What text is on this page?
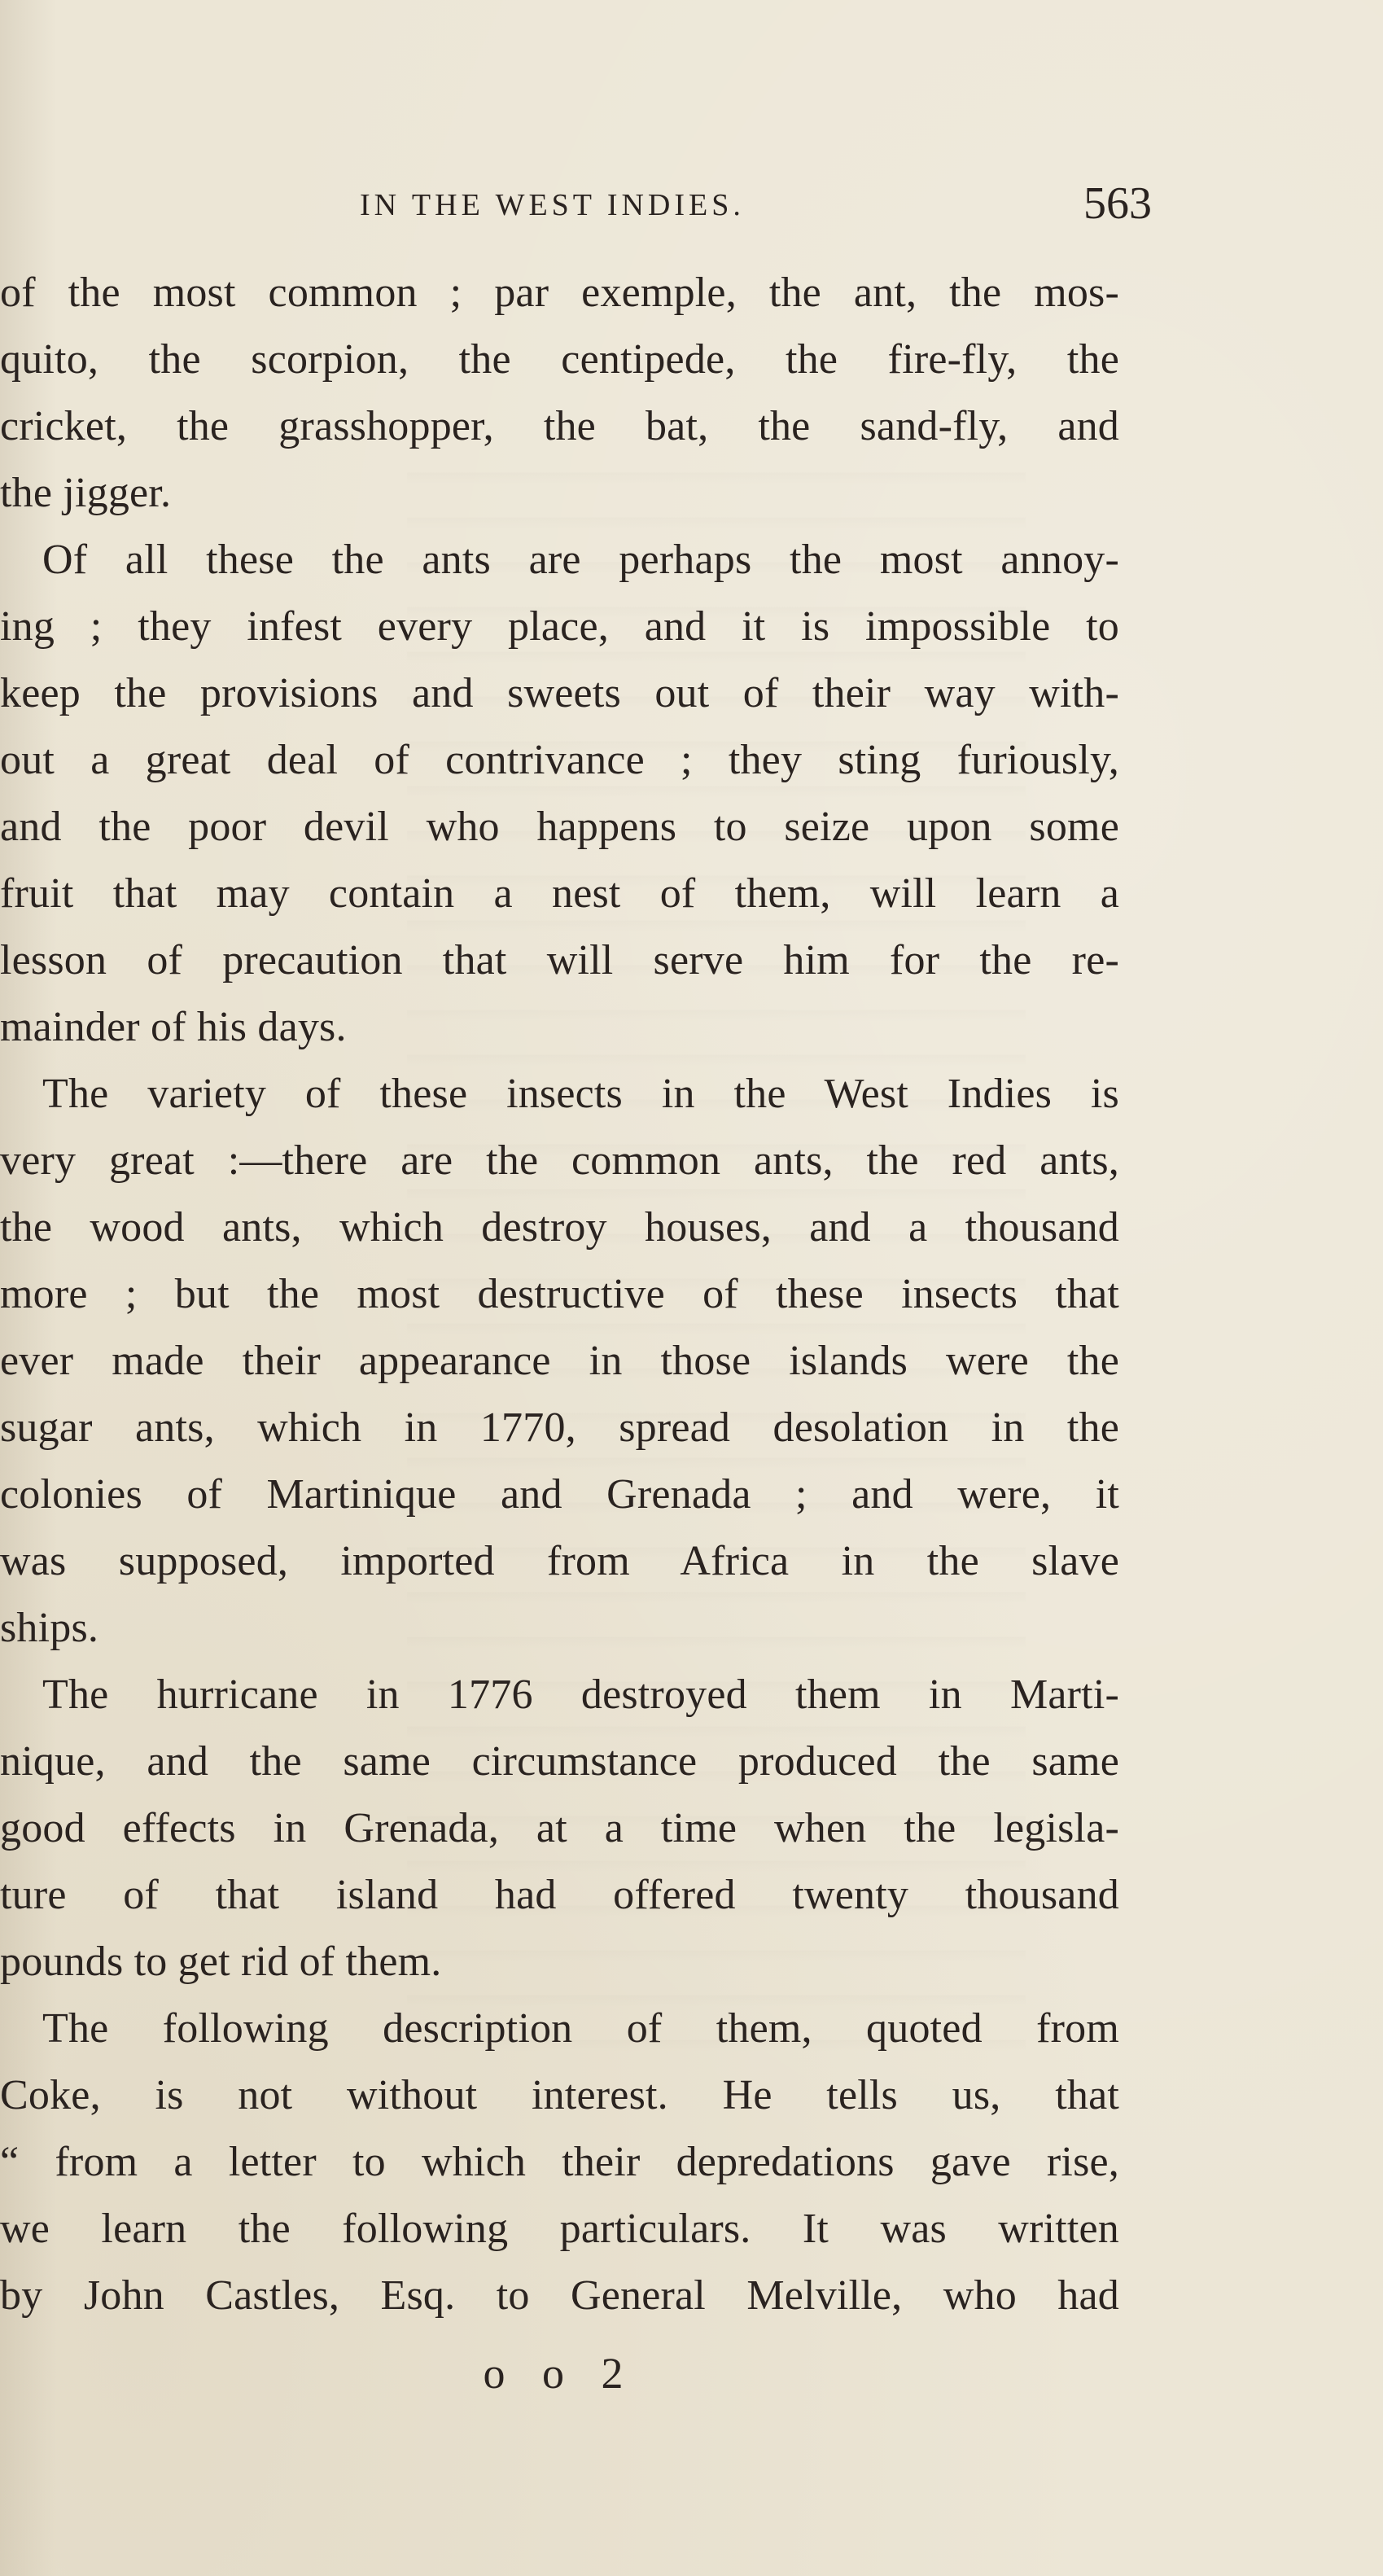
IN THE WEST INDIES.	563
of the most common ; par exemple, the ant, the mos-
quito, the scorpion, the centipede, the fire-fly, the
cricket, the grasshopper, the bat, the sand-fly, and
the jigger.
Of all these the ants are perhaps the most annoy-
ing ; they infest every place, and it is impossible to
keep the provisions and sweets out of their way with-
out a great deal of contrivance ; they sting furiously,
and the poor devil who happens to seize upon some
fruit that may contain a nest of them, will learn a
lesson of precaution that will serve him for the re-
mainder of his days.
The variety of these insects in the West Indies is
very great :—there are the common ants, the red ants,
the wood ants, which destroy houses, and a thousand
more ; but the most destructive of these insects that
ever made their appearance in those islands were the
sugar ants, which in 1770, spread desolation in the
colonies of Martinique and Grenada ; and were, it
was supposed, imported from Africa in the slave
ships.
The hurricane in 1776 destroyed them in Marti-
nique, and the same circumstance produced the same
good effects in Grenada, at a time when the legisla-
ture of that island had offered twenty thousand
pounds to get rid of them.
The following description of them, quoted from
Coke, is not without interest. He tells us, that
“ from a letter to which their depredations gave rise,
we learn the following particulars. It was written
by John Castles, Esq. to General Melville, who had
o o 2
